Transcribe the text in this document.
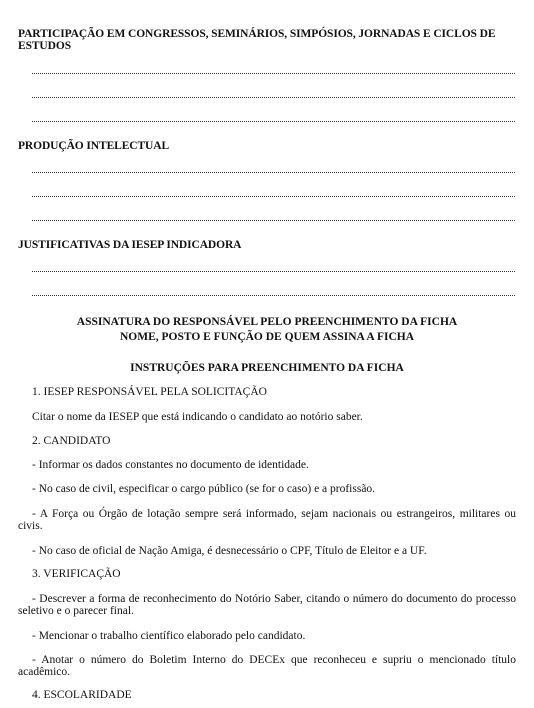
PARTICIPAÇÃO EM CONGRESSOS, SEMINÁRIOS, SIMPÓSIOS, JORNADAS E CICLOS DE ESTUDOS
PRODUÇÃO INTELECTUAL
JUSTIFICATIVAS DA IESEP INDICADORA
ASSINATURA DO RESPONSÁVEL PELO PREENCHIMENTO DA FICHA
NOME, POSTO E FUNÇÃO DE QUEM ASSINA A FICHA
INSTRUÇÕES PARA PREENCHIMENTO DA FICHA
1. IESEP RESPONSÁVEL PELA SOLICITAÇÃO
Citar o nome da IESEP que está indicando o candidato ao notório saber.
2. CANDIDATO
- Informar os dados constantes no documento de identidade.
- No caso de civil, especificar o cargo público (se for o caso) e a profissão.
- A Força ou Órgão de lotação sempre será informado, sejam nacionais ou estrangeiros, militares ou civis.
- No caso de oficial de Nação Amiga, é desnecessário o CPF, Título de Eleitor e a UF.
3. VERIFICAÇÃO
- Descrever a forma de reconhecimento do Notório Saber, citando o número do documento do processo seletivo e o parecer final.
- Mencionar o trabalho científico elaborado pelo candidato.
- Anotar o número do Boletim Interno do DECEx que reconheceu e supriu o mencionado título acadêmico.
4. ESCOLARIDADE
